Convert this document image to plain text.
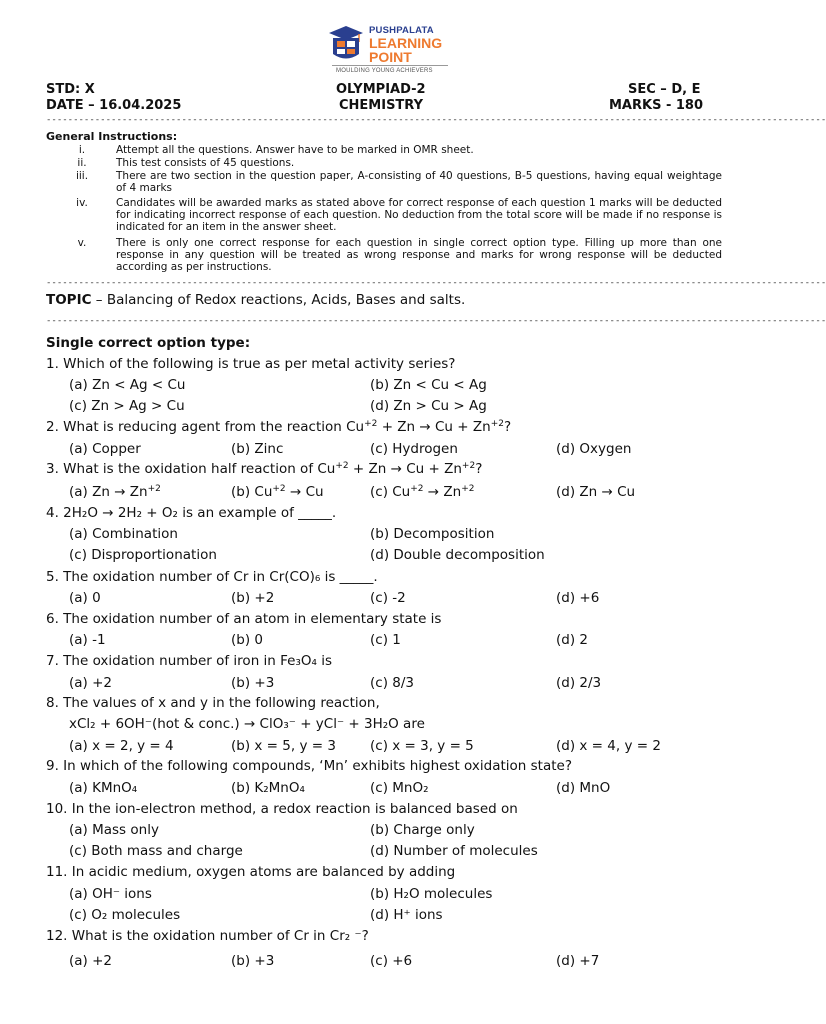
PUSHPALATA
LEARNING
POINT
MOULDING YOUNG ACHIEVERS
STD: X	OLYMPIAD-2	SEC – D, E
DATE – 16.04.2025	CHEMISTRY	MARKS - 180
------------------------------------------------------------------------------------------------------------------------------------------------
General Instructions:
i.	Attempt all the questions. Answer have to be marked in OMR sheet.
ii.	This test consists of 45 questions.
iii.	There are two section in the question paper, A-consisting of 40 questions, B-5 questions, having equal weightage of 4 marks
iv.	Candidates will be awarded marks as stated above for correct response of each question 1 marks will be deducted for indicating incorrect response of each question. No deduction from the total score will be made if no response is indicated for an item in the answer sheet.
v.	There is only one correct response for each question in single correct option type. Filling up more than one response in any question will be treated as wrong response and marks for wrong response will be deducted according as per instructions.
------------------------------------------------------------------------------------------------------------------------------------------------
TOPIC – Balancing of Redox reactions, Acids, Bases and salts.
------------------------------------------------------------------------------------------------------------------------------------------------
Single correct option type:
1. Which of the following is true as per metal activity series?
(a) Zn < Ag < Cu	(b) Zn < Cu < Ag
(c) Zn > Ag > Cu	(d) Zn > Cu > Ag
2. What is reducing agent from the reaction $Cu^{+2} + Zn \to Cu + Zn^{+2}$?
(a) Copper	(b) Zinc	(c) Hydrogen	(d) Oxygen
3. What is the oxidation half reaction of $Cu^{+2} + Zn \to Cu + Zn^{+2}$?
(a) $Zn \to Zn^{+2}$	(b) $Cu^{+2} \to Cu$	(c) $Cu^{+2} \to Zn^{+2}$	(d) Zn → Cu
4. 2H₂O → 2H₂ + O₂ is an example of _____.
(a) Combination	(b) Decomposition
(c) Disproportionation	(d) Double decomposition
5. The oxidation number of Cr in Cr(CO)₆ is _____.
(a) 0	(b) +2	(c) -2	(d) +6
6. The oxidation number of an atom in elementary state is
(a) -1	(b) 0	(c) 1	(d) 2
7. The oxidation number of iron in Fe₃O₄ is
(a) +2	(b) +3	(c) 8/3	(d) 2/3
8. The values of x and y in the following reaction,
xCl₂ + 6OH⁻(hot & conc.) → ClO₃⁻ + yCl⁻ + 3H₂O are
(a) x = 2, y = 4	(b) x = 5, y = 3	(c) x = 3, y = 5	(d) x = 4, y = 2
9. In which of the following compounds, ‘Mn’ exhibits highest oxidation state?
(a) KMnO₄	(b) K₂MnO₄	(c) MnO₂	(d) MnO
10. In the ion-electron method, a redox reaction is balanced based on
(a) Mass only	(b) Charge only
(c) Both mass and charge	(d) Number of molecules
11. In acidic medium, oxygen atoms are balanced by adding
(a) OH⁻ ions	(b) H₂O molecules
(c) O₂ molecules	(d) H⁺ ions
12. What is the oxidation number of Cr in Cr₂ ⁻?
(a) +2	(b) +3	(c) +6	(d) +7
